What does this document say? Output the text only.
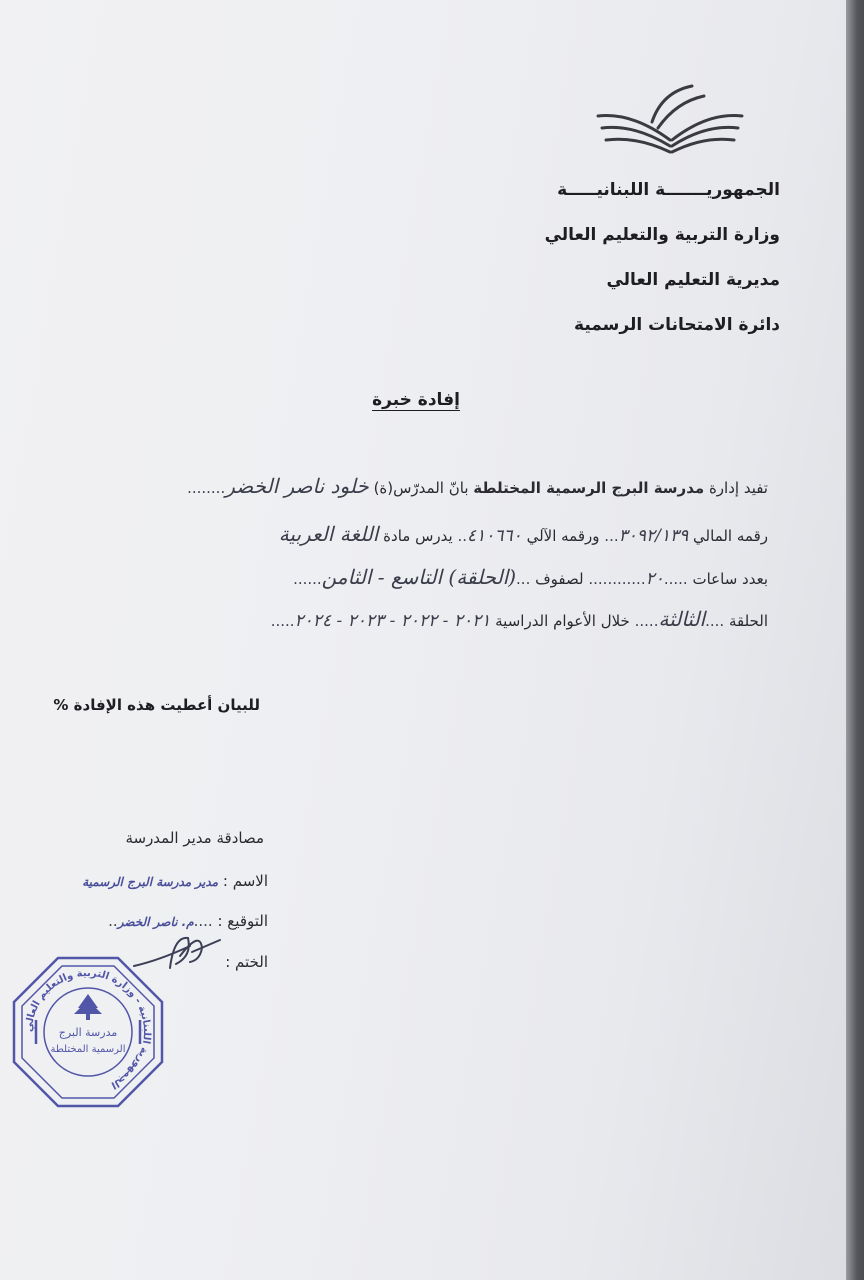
الجمهوريـــــــة اللبنانيـــــة
وزارة التربية والتعليم العالي
مديرية التعليم العالي
دائرة الامتحانات الرسمية
إفادة خبرة
تفيد إدارة مدرسة البرج الرسمية المختلطة بانّ المدرّس(ة) خلود ناصر الخضر........
رقمه المالي ٣٠٩٢/١٣٩... ورقمه الآلي ٤١٠٦٦٠.. يدرس مادة اللغة العربية
بعدد ساعات .....٢٠............ لصفوف ...(الحلقة) التاسع - الثامن......
الحلقة ....الثالثة..... خلال الأعوام الدراسية ٢٠٢١ - ٢٠٢٢ - ٢٠٢٣ - ٢٠٢٤.....
للبيان أعطيت هذه الإفادة %
مصادقة مدير المدرسة
الاسم : مدير مدرسة البرج الرسمية
التوقيع : ....م. ناصر الخضر..
الختم :
الجمهورية اللبنانية - وزارة التربية والتعليم العالي
مدرسة البرج
الرسمية المختلطة
